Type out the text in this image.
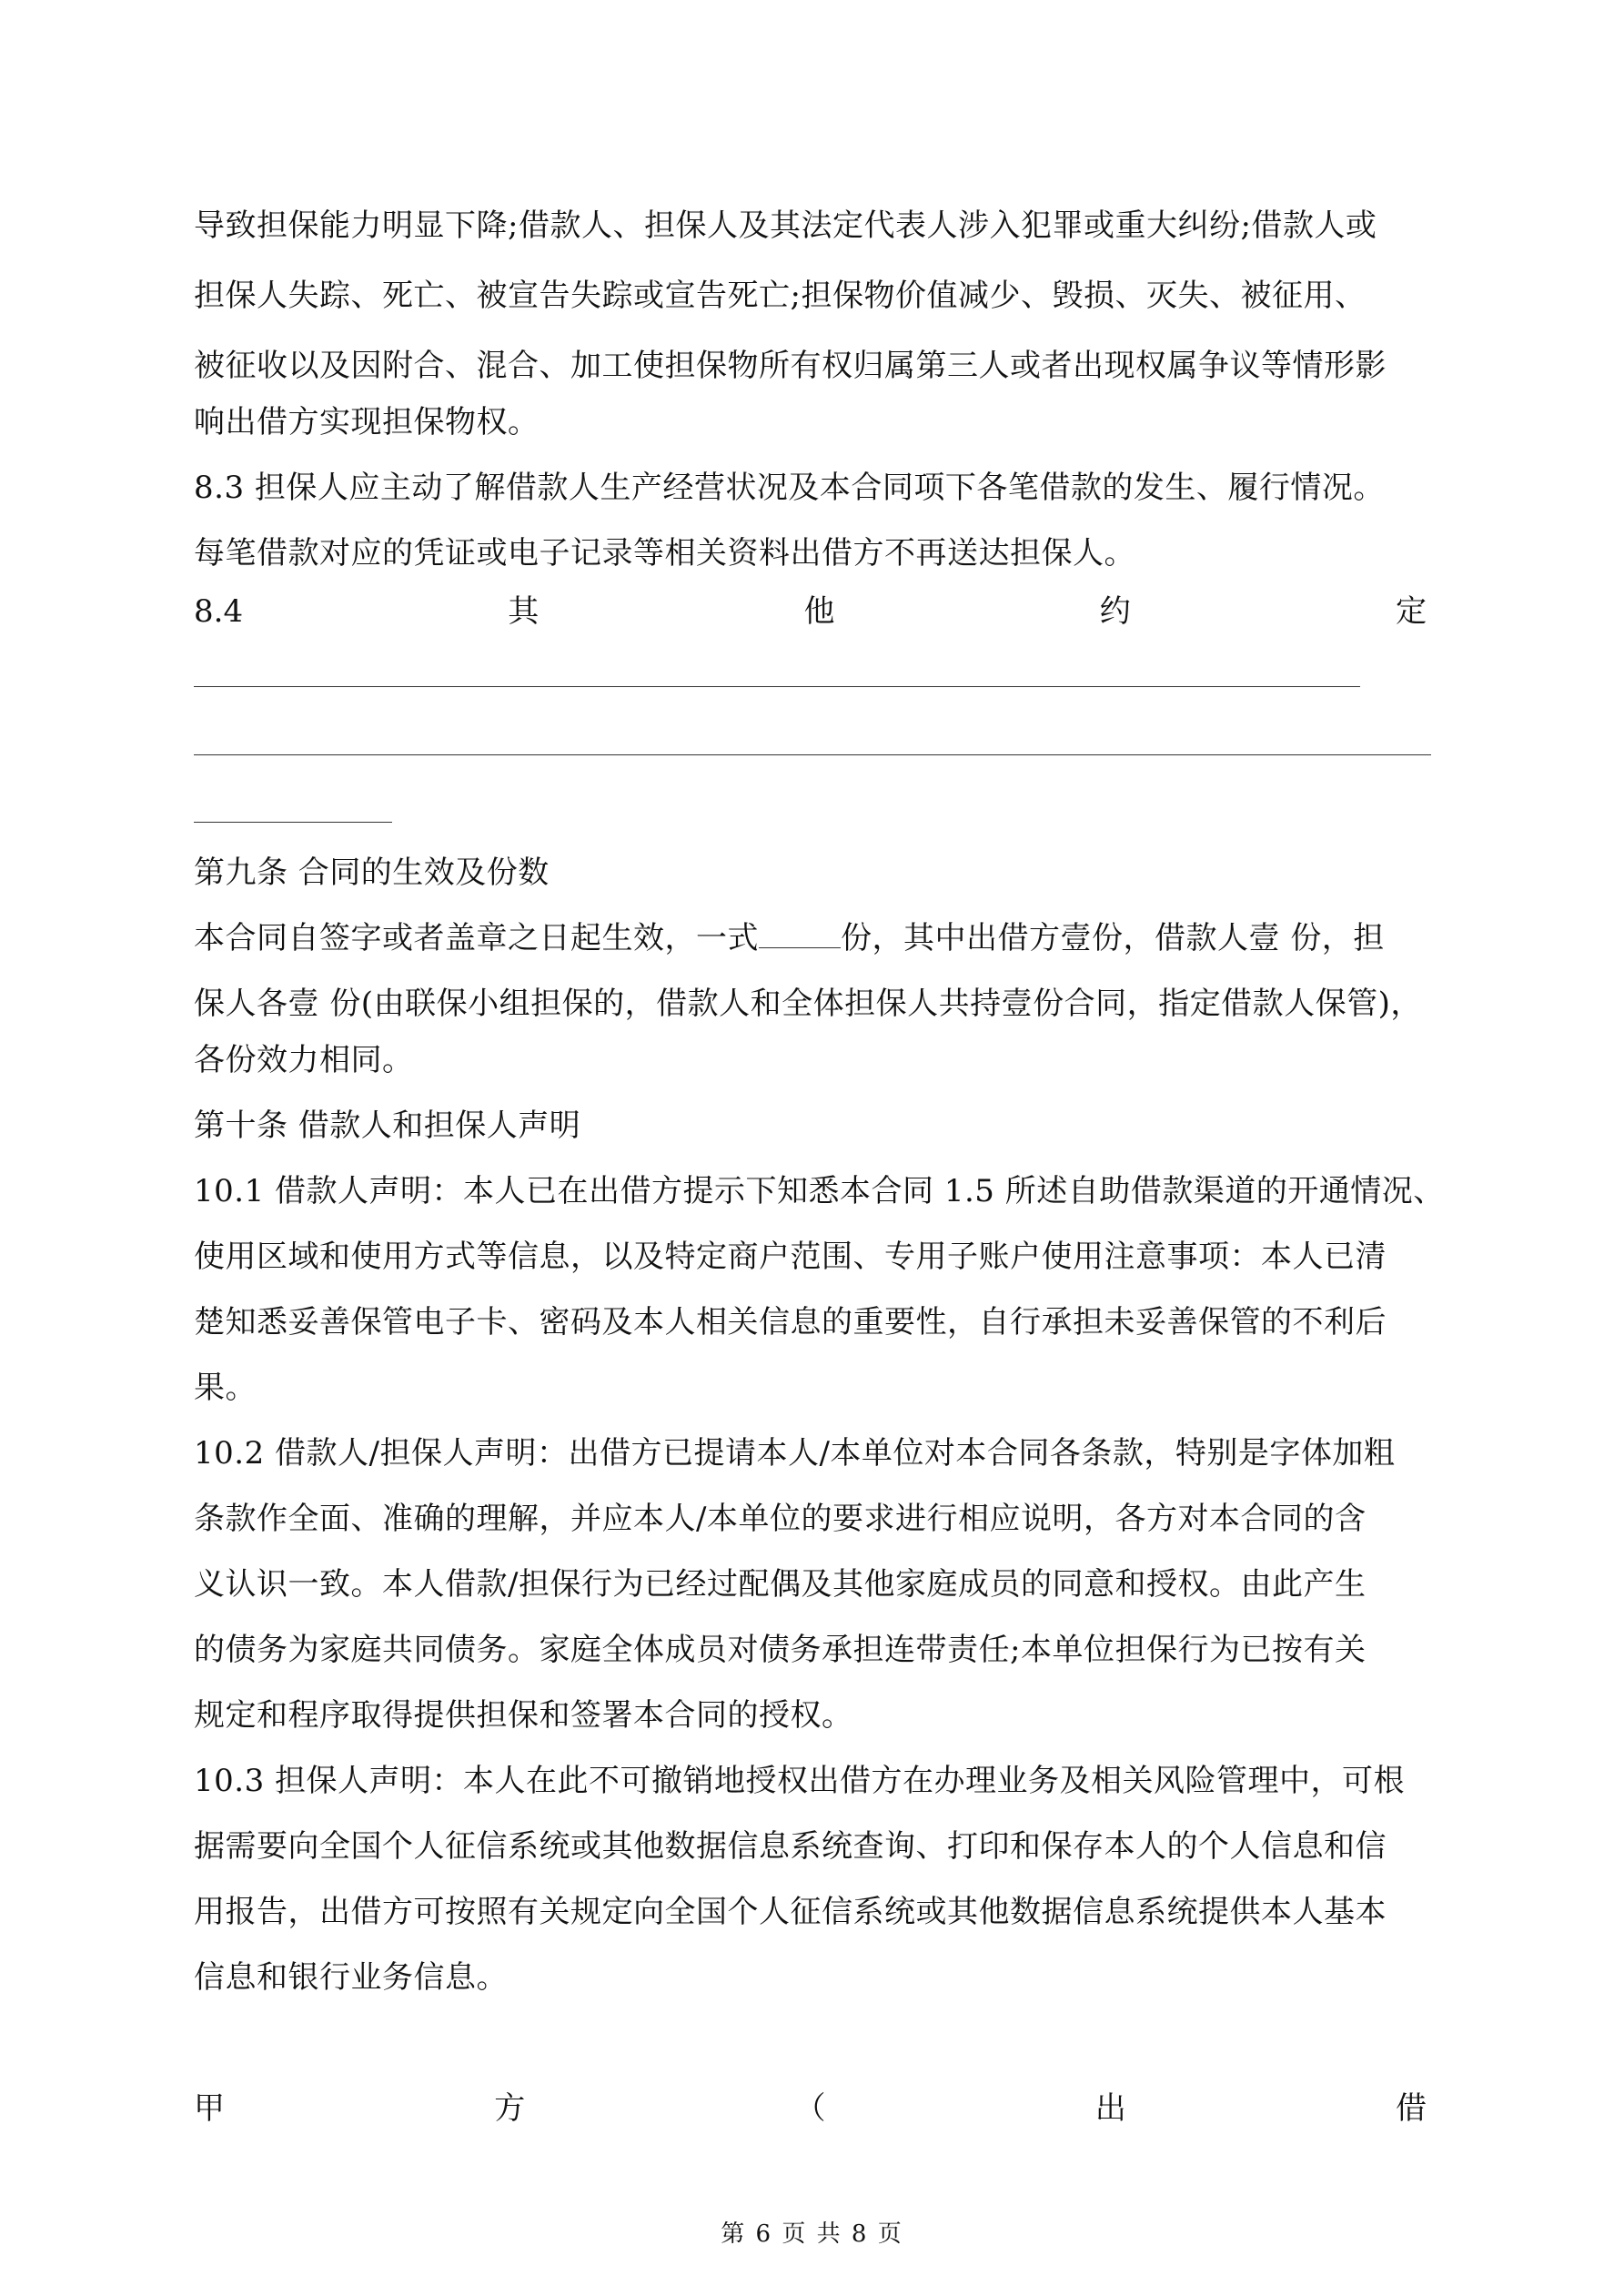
导致担保能力明显下降;借款人、担保人及其法定代表人涉入犯罪或重大纠纷;借款人或
担保人失踪、死亡、被宣告失踪或宣告死亡;担保物价值减少、毁损、灭失、被征用、
被征收以及因附合、混合、加工使担保物所有权归属第三人或者出现权属争议等情形影
响出借方实现担保物权。
8.3 担保人应主动了解借款人生产经营状况及本合同项下各笔借款的发生、履行情况。
每笔借款对应的凭证或电子记录等相关资料出借方不再送达担保人。
8.4	其	他	约	定
第九条 合同的生效及份数
本合同自签字或者盖章之日起生效，一式	份，其中出借方壹份，借款人壹 份，担
保人各壹 份(由联保小组担保的，借款人和全体担保人共持壹份合同，指定借款人保管)，
各份效力相同。
第十条 借款人和担保人声明
10.1 借款人声明：本人已在出借方提示下知悉本合同 1.5 所述自助借款渠道的开通情况、
使用区域和使用方式等信息，以及特定商户范围、专用子账户使用注意事项：本人已清
楚知悉妥善保管电子卡、密码及本人相关信息的重要性，自行承担未妥善保管的不利后
果。
10.2 借款人/担保人声明：出借方已提请本人/本单位对本合同各条款，特别是字体加粗
条款作全面、准确的理解，并应本人/本单位的要求进行相应说明，各方对本合同的含
义认识一致。本人借款/担保行为已经过配偶及其他家庭成员的同意和授权。由此产生
的债务为家庭共同债务。家庭全体成员对债务承担连带责任;本单位担保行为已按有关
规定和程序取得提供担保和签署本合同的授权。
10.3 担保人声明：本人在此不可撤销地授权出借方在办理业务及相关风险管理中，可根
据需要向全国个人征信系统或其他数据信息系统查询、打印和保存本人的个人信息和信
用报告，出借方可按照有关规定向全国个人征信系统或其他数据信息系统提供本人基本
信息和银行业务信息。
甲	方	（	出	借
第 6 页 共 8 页
